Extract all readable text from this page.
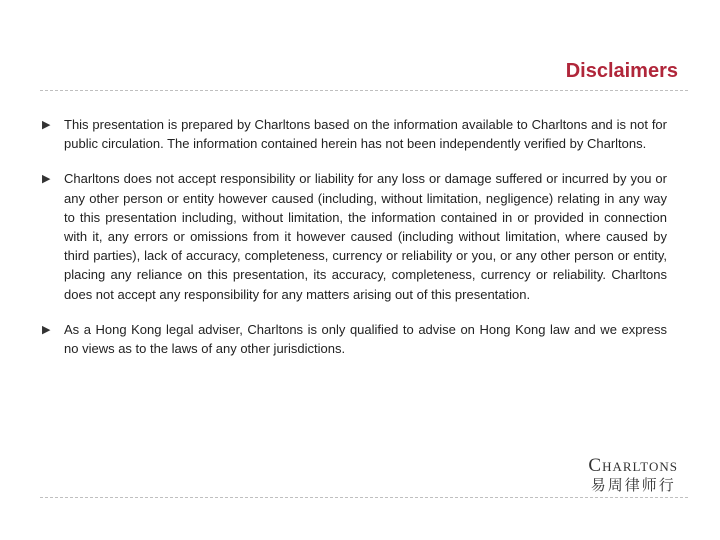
Disclaimers
▶	This presentation is prepared by Charltons based on the information available to Charltons and is not for public circulation. The information contained herein has not been independently verified by Charltons.
▶	Charltons does not accept responsibility or liability for any loss or damage suffered or incurred by you or any other person or entity however caused (including, without limitation, negligence) relating in any way to this presentation including, without limitation, the information contained in or provided in connection with it, any errors or omissions from it however caused (including without limitation, where caused by third parties), lack of accuracy, completeness, currency or reliability or you, or any other person or entity, placing any reliance on this presentation, its accuracy, completeness, currency or reliability. Charltons does not accept any responsibility for any matters arising out of this presentation.
▶	As a Hong Kong legal adviser, Charltons is only qualified to advise on Hong Kong law and we express no views as to the laws of any other jurisdictions.
Charltons
易周律师行
